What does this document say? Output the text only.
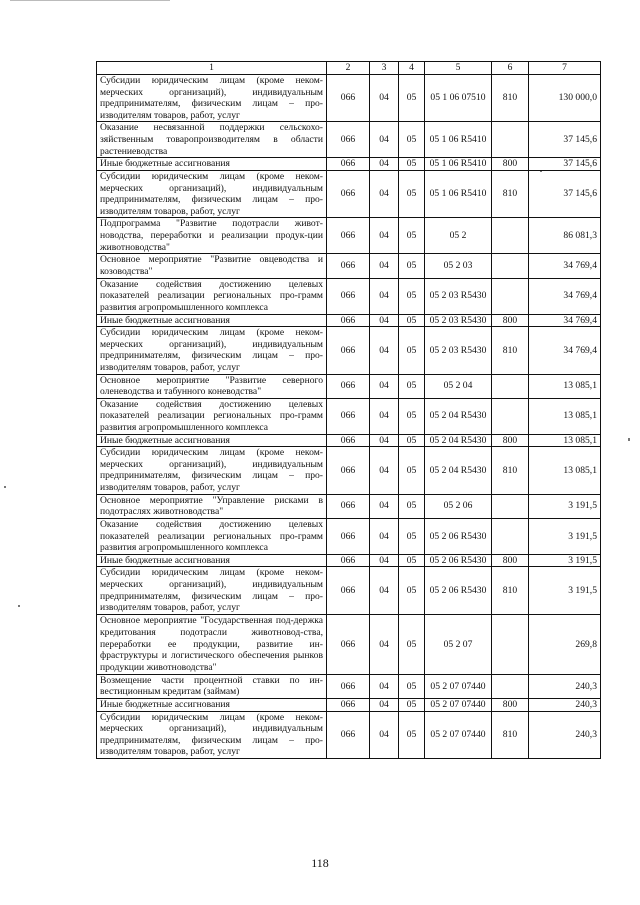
1	2	3	4	5	6	7
Субсидии юридическим лицам (кроме неком-мерческих организаций), индивидуальным предпринимателям, физическим лицам – про-изводителям товаров, работ, услуг	066	04	05	05 1 06 07510	810	130 000,0
Оказание несвязанной поддержки сельскохо-зяйственным товаропроизводителям в области растениеводства	066	04	05	05 1 06 R5410		37 145,6
Иные бюджетные ассигнования	066	04	05	05 1 06 R5410	800	37 145,6
Субсидии юридическим лицам (кроме неком-мерческих организаций), индивидуальным предпринимателям, физическим лицам – про-изводителям товаров, работ, услуг	066	04	05	05 1 06 R5410	810	37 145,6
Подпрограмма "Развитие подотрасли живот-новодства, переработки и реализации продук-ции животноводства"	066	04	05	05 2		86 081,3
Основное мероприятие "Развитие овцеводства и козоводства"	066	04	05	05 2 03		34 769,4
Оказание содействия достижению целевых показателей реализации региональных про-грамм развития агропромышленного комплекса	066	04	05	05 2 03 R5430		34 769,4
Иные бюджетные ассигнования	066	04	05	05 2 03 R5430	800	34 769,4
Субсидии юридическим лицам (кроме неком-мерческих организаций), индивидуальным предпринимателям, физическим лицам – про-изводителям товаров, работ, услуг	066	04	05	05 2 03 R5430	810	34 769,4
Основное мероприятие "Развитие северного оленеводства и табунного коневодства"	066	04	05	05 2 04		13 085,1
Оказание содействия достижению целевых показателей реализации региональных про-грамм развития агропромышленного комплекса	066	04	05	05 2 04 R5430		13 085,1
Иные бюджетные ассигнования	066	04	05	05 2 04 R5430	800	13 085,1
Субсидии юридическим лицам (кроме неком-мерческих организаций), индивидуальным предпринимателям, физическим лицам – про-изводителям товаров, работ, услуг	066	04	05	05 2 04 R5430	810	13 085,1
Основное мероприятие "Управление рисками в подотраслях животноводства"	066	04	05	05 2 06		3 191,5
Оказание содействия достижению целевых показателей реализации региональных про-грамм развития агропромышленного комплекса	066	04	05	05 2 06 R5430		3 191,5
Иные бюджетные ассигнования	066	04	05	05 2 06 R5430	800	3 191,5
Субсидии юридическим лицам (кроме неком-мерческих организаций), индивидуальным предпринимателям, физическим лицам – про-изводителям товаров, работ, услуг	066	04	05	05 2 06 R5430	810	3 191,5
Основное мероприятие "Государственная под-держка кредитования подотрасли животновод-ства, переработки ее продукции, развитие ин-фраструктуры и логистического обеспечения рынков продукции животноводства"	066	04	05	05 2 07		269,8
Возмещение части процентной ставки по ин-вестиционным кредитам (займам)	066	04	05	05 2 07 07440		240,3
Иные бюджетные ассигнования	066	04	05	05 2 07 07440	800	240,3
Субсидии юридическим лицам (кроме неком-мерческих организаций), индивидуальным предпринимателям, физическим лицам – про-изводителям товаров, работ, услуг	066	04	05	05 2 07 07440	810	240,3
118
